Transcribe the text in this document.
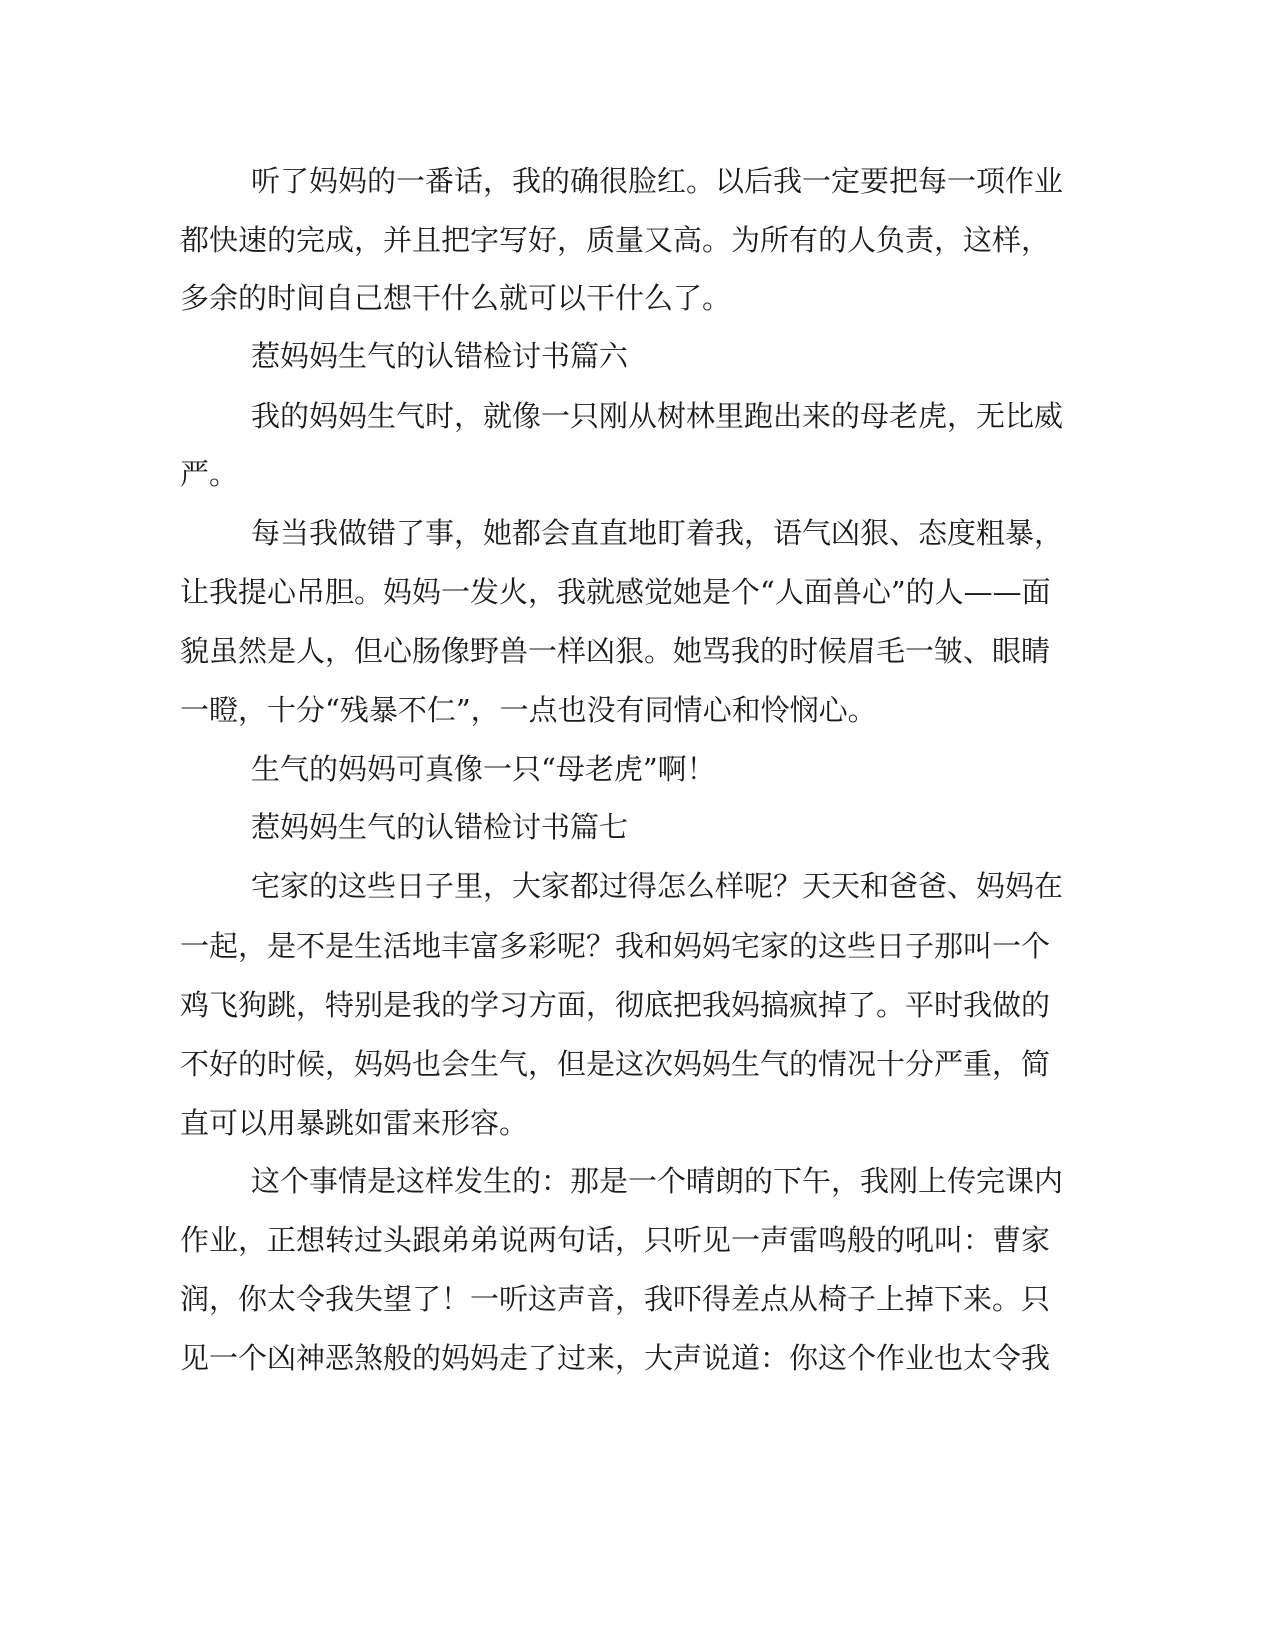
听了妈妈的一番话，我的确很脸红。以后我一定要把每一项作业

都快速的完成，并且把字写好，质量又高。为所有的人负责，这样，

多余的时间自己想干什么就可以干什么了。

惹妈妈生气的认错检讨书篇六

我的妈妈生气时，就像一只刚从树林里跑出来的母老虎，无比威

严。

每当我做错了事，她都会直直地盯着我，语气凶狠、态度粗暴，

让我提心吊胆。妈妈一发火，我就感觉她是个“人面兽心”的人——面

貌虽然是人，但心肠像野兽一样凶狠。她骂我的时候眉毛一皱、眼睛

一瞪，十分“残暴不仁”，一点也没有同情心和怜悯心。

生气的妈妈可真像一只“母老虎”啊！

惹妈妈生气的认错检讨书篇七

宅家的这些日子里，大家都过得怎么样呢？天天和爸爸、妈妈在

一起，是不是生活地丰富多彩呢？我和妈妈宅家的这些日子那叫一个

鸡飞狗跳，特别是我的学习方面，彻底把我妈搞疯掉了。平时我做的

不好的时候，妈妈也会生气，但是这次妈妈生气的情况十分严重，简

直可以用暴跳如雷来形容。

这个事情是这样发生的：那是一个晴朗的下午，我刚上传完课内

作业，正想转过头跟弟弟说两句话，只听见一声雷鸣般的吼叫：曹家

润，你太令我失望了！一听这声音，我吓得差点从椅子上掉下来。只

见一个凶神恶煞般的妈妈走了过来，大声说道：你这个作业也太令我
